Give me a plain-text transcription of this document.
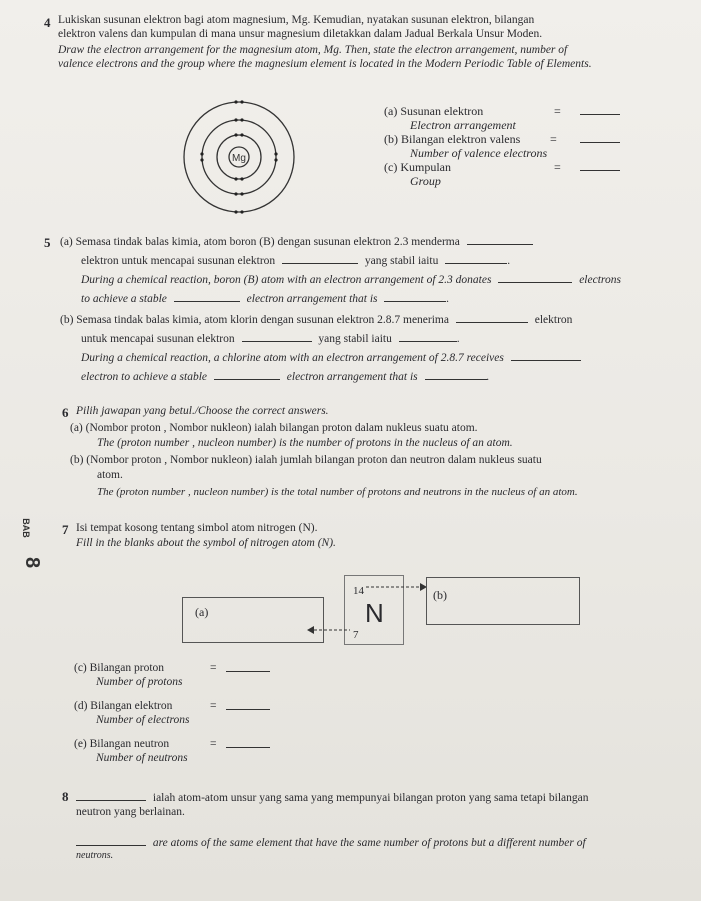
4 Lukiskan susunan elektron bagi atom magnesium, Mg. Kemudian, nyatakan susunan elektron, bilangan
elektron valens dan kumpulan di mana unsur magnesium diletakkan dalam Jadual Berkala Unsur Moden.
Draw the electron arrangement for the magnesium atom, Mg. Then, state the electron arrangement, number of
valence electrons and the group where the magnesium element is located in the Modern Periodic Table of Elements.
Mg
(a) Susunan elektron	=
Electron arrangement
(b) Bilangan elektron valens =
Number of valence electrons
(c) Kumpulan	=
Group
5 (a) Semasa tindak balas kimia, atom boron (B) dengan susunan elektron 2.3 menderma
elektron untuk mencapai susunan elektron	yang stabil iaitu	.
During a chemical reaction, boron (B) atom with an electron arrangement of 2.3 donates	electrons
to achieve a stable	electron arrangement that is	.
(b) Semasa tindak balas kimia, atom klorin dengan susunan elektron 2.8.7 menerima	elektron
untuk mencapai susunan elektron	yang stabil iaitu	.
During a chemical reaction, a chlorine atom with an electron arrangement of 2.8.7 receives
electron to achieve a stable	electron arrangement that is	.
6 Pilih jawapan yang betul./Choose the correct answers.
(a) (Nombor proton , Nombor nukleon) ialah bilangan proton dalam nukleus suatu atom.
The (proton number , nucleon number) is the number of protons in the nucleus of an atom.
(b) (Nombor proton , Nombor nukleon) ialah jumlah bilangan proton dan neutron dalam nukleus suatu
atom.
The (proton number , nucleon number) is the total number of protons and neutrons in the nucleus of an atom.
BAB
8
7 Isi tempat kosong tentang simbol atom nitrogen (N).
Fill in the blanks about the symbol of nitrogen atom (N).
(a)
14
N
7
(b)
(c) Bilangan proton	=
Number of protons
(d) Bilangan elektron	=
Number of electrons
(e) Bilangan neutron	=
Number of neutrons
8	ialah atom-atom unsur yang sama yang mempunyai bilangan proton yang sama tetapi bilangan
neutron yang berlainan.
are atoms of the same element that have the same number of protons but a different number of
neutrons.
